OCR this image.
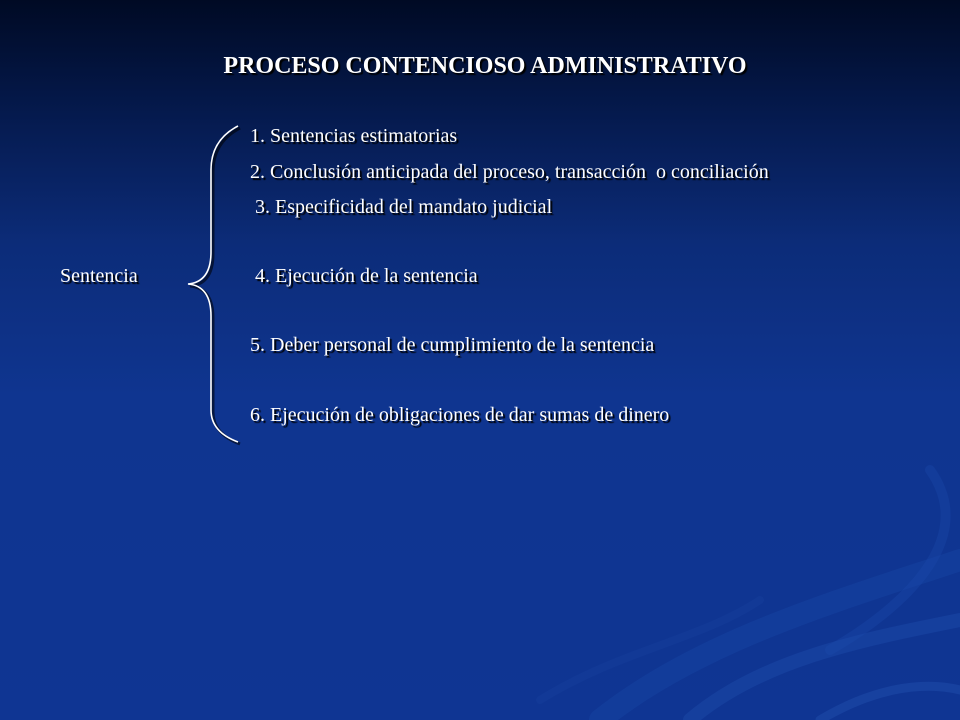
PROCESO CONTENCIOSO ADMINISTRATIVO
Sentencia
1. Sentencias estimatorias
2. Conclusión anticipada del proceso, transacción  o conciliación
3. Especificidad del mandato judicial
4. Ejecución de la sentencia
5. Deber personal de cumplimiento de la sentencia
6. Ejecución de obligaciones de dar sumas de dinero
